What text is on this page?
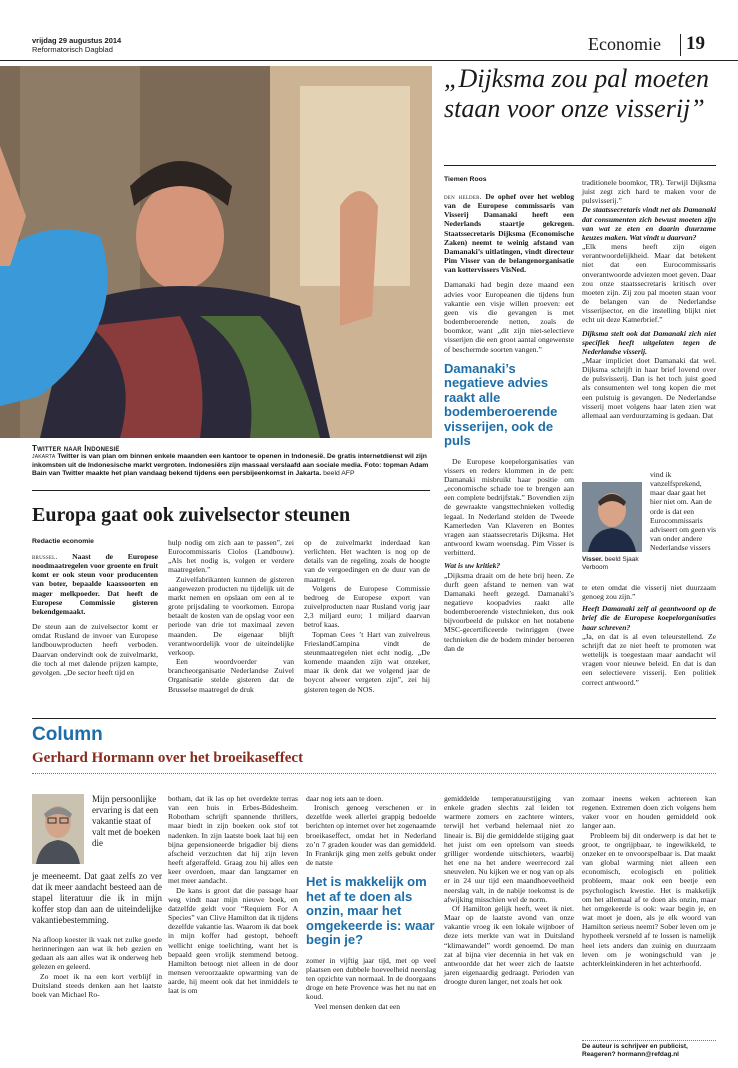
vrijdag 29 augustus 2014
Reformatorisch Dagblad	Economie 19
Twitter naar Indonesië
jakarta Twitter is van plan om binnen enkele maanden een kantoor te openen in Indonesië. De gratis internetdienst wil zijn inkomsten uit de Indonesische markt vergroten. Indonesiërs zijn massaal verslaafd aan sociale media. Foto: topman Adam Bain van Twitter maakte het plan vandaag bekend tijdens een persbijeenkomst in Jakarta. beeld AFP
Europa gaat ook zuivelsector steunen
Redactie economie

brussel. Naast de Europese noodmaatregelen voor groente en fruit komt er ook steun voor producenten van boter, bepaalde kaassoorten en mager melkpoeder. Dat heeft de Europese Commissie gisteren bekendgemaakt.

De steun aan de zuivelsector komt er omdat Rusland de invoer van Europese landbouwproducten heeft verboden. Daarvan ondervindt ook de zuivelmarkt, die toch al met dalende prijzen kampte, gevolgen. „De sector heeft tijd en

hulp nodig om zich aan te passen”, zei Eurocommissaris Ciolos (Landbouw). „Als het nodig is, volgen er verdere maatregelen.”

Zuivelfabrikanten kunnen de gisteren aangewezen producten nu tijdelijk uit de markt nemen en opslaan om een al te grote prijsdaling te voorkomen. Europa betaalt de kosten van de opslag voor een periode van drie tot maximaal zeven maanden. De eigenaar blijft verantwoordelijk voor de uiteindelijke verkoop.

Een woordvoerder van brancheorganisatie Nederlandse Zuivel Organisatie stelde gisteren dat de Brusselse maatregel de druk

op de zuivelmarkt inderdaad kan verlichten. Het wachten is nog op de details van de regeling, zoals de hoogte van de vergoedingen en de duur van de maatregel.

Volgens de Europese Commissie bedroeg de Europese export van zuivelproducten naar Rusland vorig jaar 2,3 miljard euro; 1 miljard daarvan betrof kaas.

Topman Cees ’t Hart van zuivelreus FrieslandCampina vindt de steunmaatregelen niet echt nodig. „De komende maanden zijn wat onzeker, maar ik denk dat we volgend jaar de boycot alweer vergeten zijn”, zei hij gisteren tegen de NOS.

„Dijksma zou pal moeten staan voor onze visserij”
Tiemen Roos

den helder. De ophef over het weblog van de Europese commissaris van Visserij Damanaki heeft een Nederlands staartje gekregen. Staatssecretaris Dijksma (Economische Zaken) neemt te weinig afstand van Damanaki’s uitlatingen, vindt directeur Pim Visser van de belangenorganisatie van kottervissers VisNed.

Damanaki had begin deze maand een advies voor Europeanen die tijdens hun vakantie een visje willen proeven: eet geen vis die gevangen is met bodemberoerende netten, zoals de boomkor, want „dit zijn niet-selectieve visserijen die een groot aantal ongewenste of beschermde soorten vangen.”

Damanaki’s negatieve advies raakt alle bodemberoerende visserijen, ook de puls

De Europese koepelorganisaties van vissers en reders klommen in de pen: Damanaki misbruikt haar positie om „economische schade toe te brengen aan een complete bedrijfstak.” Bovendien zijn de gewraakte vangsttechnieken volledig legaal. In Nederland stelden de Tweede Kamerleden Van Klaveren en Bontes vragen aan staatssecretaris Dijksma. Het antwoord kwam woensdag. Pim Visser is verbitterd.

Wat is uw kritiek?

„Dijksma draait om de hete brij heen. Ze durft geen afstand te nemen van wat Damanaki heeft gezegd. Damanaki’s negatieve koopadvies raakt alle bodemberoerende vistechnieken, dus ook bijvoorbeeld de pulskor en het notabene MSC-gecertificeerde twinriggen (twee technieken die de bodem minder beroeren dan de

traditionele boomkor, TR). Terwijl Dijksma juist zegt zich hard te maken voor de pulsvisserij.”

De staatssecretaris vindt net als Damanaki dat consumenten zich bewust moeten zijn van wat ze eten en daarin duurzame keuzes maken. Wat vindt u daarvan?

„Elk mens heeft zijn eigen verantwoordelijkheid. Maar dat betekent niet dat een Eurocommissaris onverantwoorde adviezen moet geven. Daar zou onze staatssecretaris kritisch over moeten zijn. Zij zou pal moeten staan voor de belangen van de Nederlandse visserijsector, en die instelling blijkt niet echt uit deze Kamerbrief.”

Dijksma stelt ook dat Damanaki zich niet specifiek heeft uitgelaten tegen de Nederlandse visserij.

„Maar impliciet doet Damanaki dat wel. Dijksma schrijft in haar brief lovend over de pulsvisserij. Dan is het toch juist goed als consumenten wel tong kopen die met een pulstuig is gevangen. De Nederlandse visserij moet volgens haar laten zien wat allemaal aan verduurzaming is gedaan. Dat

Visser. beeld Sjaak Verboom
vind ik vanzelfsprekend, maar daar gaat het hier niet om. Aan de orde is dat een Eurocommissaris adviseert om geen vis van onder andere Nederlandse vissers

te eten omdat die visserij niet duurzaam genoeg zou zijn.”

Heeft Damanaki zelf al geantwoord op de brief die de Europese koepelorganisaties haar schreven?

„Ja, en dat is al even teleurstellend. Ze schrijft dat ze niet heeft te promoten wat wettelijk is toegestaan maar aandacht wil vragen voor nieuwe beleid. En dat is dan een selectievere visserij. Een politiek correct antwoord.”

Column
Gerhard Hormann over het broeikaseffect
Mijn persoonlijke ervaring is dat een vakantie staat of valt met de boeken die

je meeneemt. Dat gaat zelfs zo ver dat ik meer aandacht besteed aan de stapel literatuur die ik in mijn koffer stop dan aan de uiteindelijke vakantiebestemming.

Na afloop koester ik vaak net zulke goede herinneringen aan wat ik heb gezien en gedaan als aan alles wat ik onderweg heb gelezen en geleerd.

Zo moet ik na een kort verblijf in Duitsland steeds denken aan het laatste boek van Michael Ro-

botham, dat ik las op het overdekte terras van een huis in Erbes-Büdesheim. Robotham schrijft spannende thrillers, maar biedt in zijn boeken ook stof tot nadenken. In zijn laatste boek laat hij een bijna gepensioneerde brigadier bij diens afscheid verzuchten dat hij zijn leven heeft afgeraffeld. Graag zou hij alles een keer overdoen, maar dan langzamer en met meer aandacht.

De kans is groot dat die passage haar weg vindt naar mijn nieuwe boek, en datzelfde geldt voor “Requiem For A Species” van Clive Hamilton dat ik tijdens dezelfde vakantie las. Waarom ik dat boek in mijn koffer had gestopt, behoeft wellicht enige toelichting, want het is bepaald geen vrolijk stemmend betoog. Hamilton betoogt niet alleen in de door mensen veroorzaakte opwarming van de aarde, hij meent ook dat het inmiddels te laat is om

daar nog iets aan te doen.

Ironisch genoeg verschenen er in dezelfde week allerlei grappig bedoelde berichten op internet over het zogenaamde broeikaseffect, omdat het in Nederland zo’n 7 graden kouder was dan gemiddeld. In Frankrijk ging men zelfs gebukt onder de natste

Het is makkelijk om het af te doen als onzin, maar het omgekeerde is: waar begin je?

zomer in vijftig jaar tijd, met op veel plaatsen een dubbele hoeveelheid neerslag ten opzichte van normaal. In de doorgaans droge en hete Provence was het nu nat en koud.

Veel mensen denken dat een

gemiddelde temperatuurstijging van enkele graden slechts zal leiden tot warmere zomers en zachtere winters, terwijl het verband helemaal niet zo lineair is. Bij die gemiddelde stijging gaat het juist om een optelsom van steeds grilliger wordende uitschieters, waarbij het ene na het andere weerrecord zal sneuvelen. Nu kijken we er nog van op als er in 24 uur tijd een maandhoeveelheid neerslag valt, in de nabije toekomst is de afwijking misschien wel de norm.

Of Hamilton gelijk heeft, weet ik niet. Maar op de laatste avond van onze vakantie vroeg ik een lokale wijnboer of deze iets merkte van wat in Duitsland “klimawandel” wordt genoemd. De man zat al bijna vier decennia in het vak en antwoordde dat het weer zich de laatste jaren eigenaardig gedraagt. Perioden van droogte duren langer, net zoals het ook

zomaar ineens weken achtereen kan regenen. Extremen doen zich volgens hem vaker voor en houden gemiddeld ook langer aan.

Probleem bij dit onderwerp is dat het te groot, te ongrijpbaar, te ingewikkeld, te onzeker en te onvoorspelbaar is. Dat maakt van global warming niet alleen een economisch, ecologisch en politiek probleem, maar ook een beetje een psychologisch kwestie. Het is makkelijk om het allemaal af te doen als onzin, maar het omgekeerde is ook: waar begin je, en wat moet je doen, als je elk woord van Hamilton serieus neemt? Sober leven om je hypotheek versneld af te lossen is namelijk heel iets anders dan zuinig en duurzaam leven om je woningschuld van je achterkleinkinderen in het achterhoofd.

De auteur is schrijver en publicist,
Reageren? hormann@refdag.nl
